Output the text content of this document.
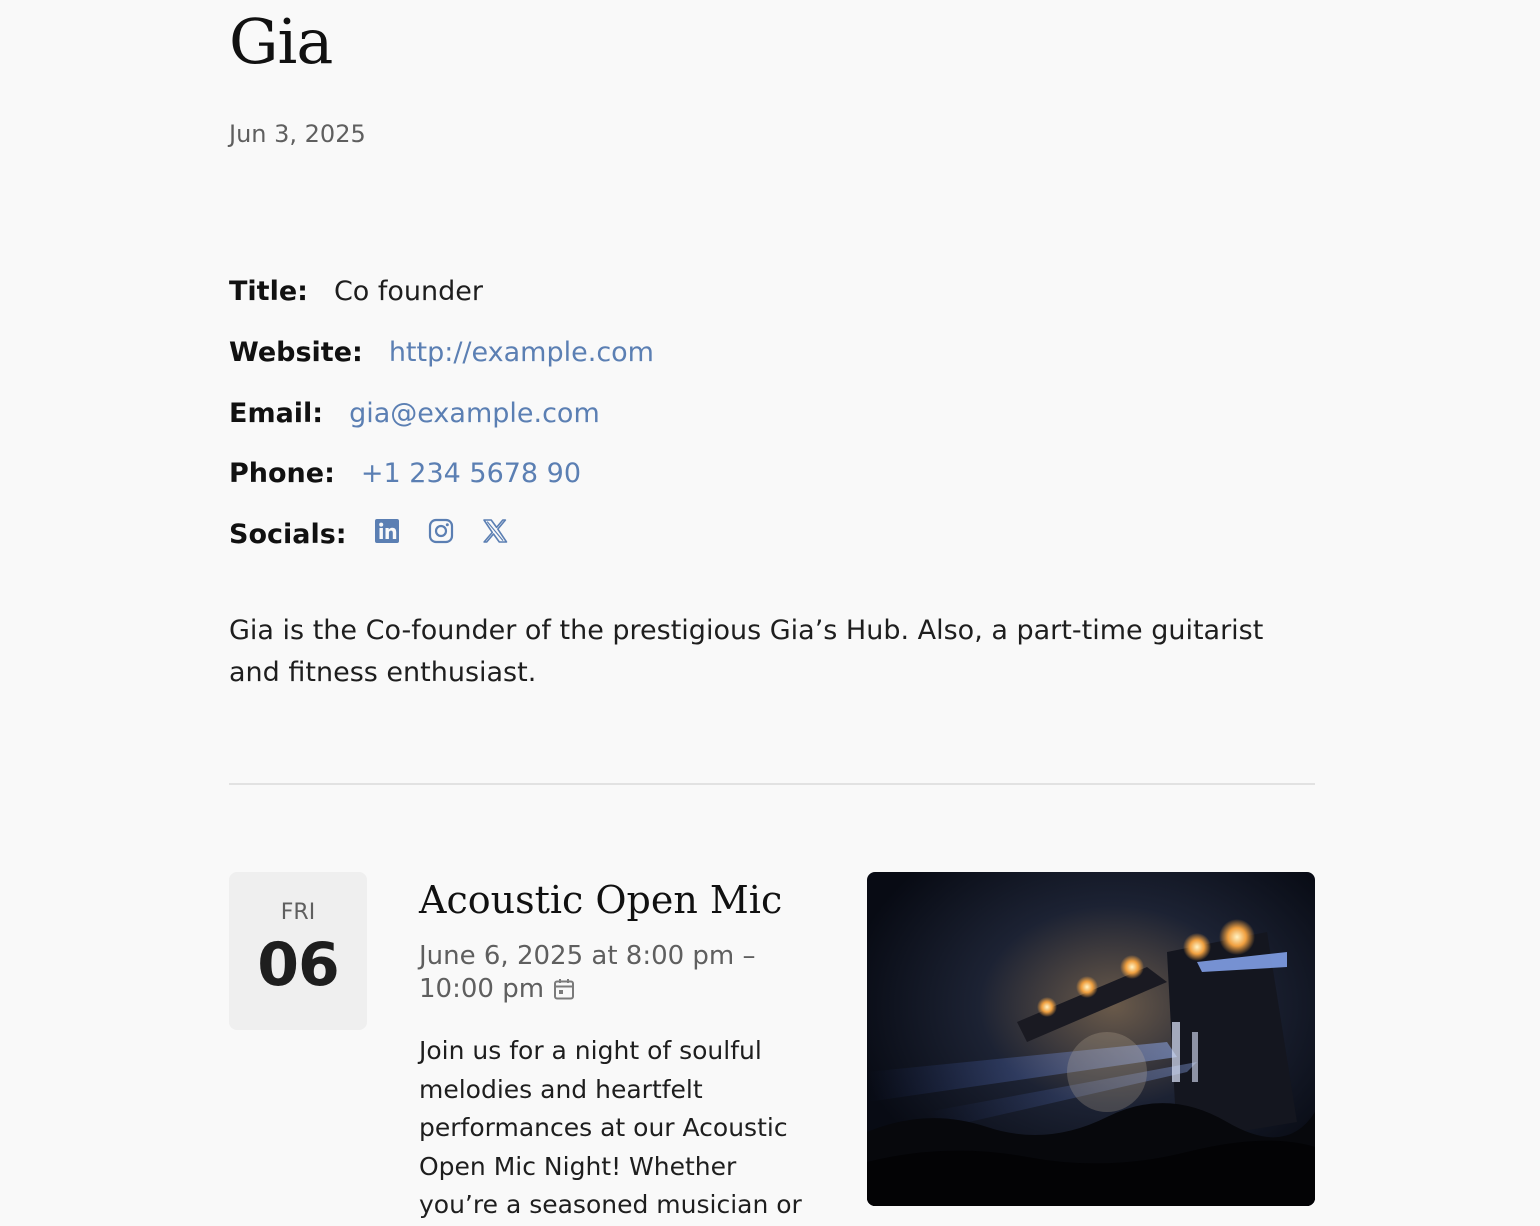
Gia
Jun 3, 2025
Title: Co founder
Website: http://example.com
Email: gia@example.com
Phone: +1 234 5678 90
Socials:

Gia is the Co-founder of the prestigious Gia’s Hub. Also, a part-time guitarist and fitness enthusiast.

FRI
06
Acoustic Open Mic
June 6, 2025 at 8:00 pm –
10:00 pm

Join us for a night of soulful melodies and heartfelt performances at our Acoustic Open Mic Night! Whether you’re a seasoned musician or
